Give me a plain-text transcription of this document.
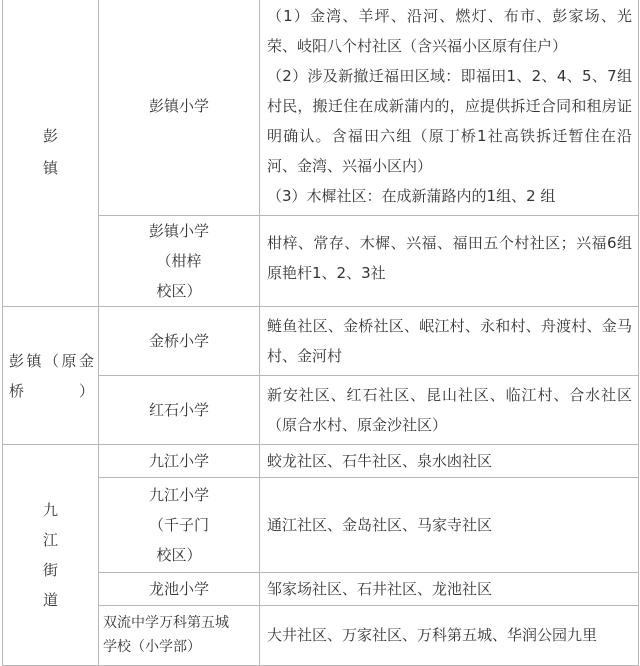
彭镇	彭镇小学	（1）金湾、羊坪、沿河、燃灯、布市、彭家场、光荣、岐阳八个村社区（含兴福小区原有住户）
（2）涉及新撤迁福田区域：即福田1、2、4、5、7组村民，搬迁住在成新蒲内的，应提供拆迁合同和租房证明确认。含福田六组（原丁桥1社高铁拆迁暂住在沿河、金湾、兴福小区内）
（3）木樨社区：在成新蒲路内的1组、2 组

	彭镇小学
（柑梓
校区）	柑梓、常存、木樨、兴福、福田五个村社区；兴福6组原艳杆1、2、3社
彭镇（原金桥）	金桥小学	鲢鱼社区、金桥社区、岷江村、永和村、舟渡村、金马村、金河村
	红石小学	新安社区、红石社区、昆山社区、临江村、合水社区（原合水村、原金沙社区）
九江街道	九江小学	蛟龙社区、石牛社区、泉水凼社区

	九江小学
（千子门
校区）	通江社区、金岛社区、马家寺社区
	龙池小学	邹家场社区、石井社区、龙池社区

	双流中学万科第五城
学校（小学部）	大井社区、万家社区、万科第五城、华润公园九里
